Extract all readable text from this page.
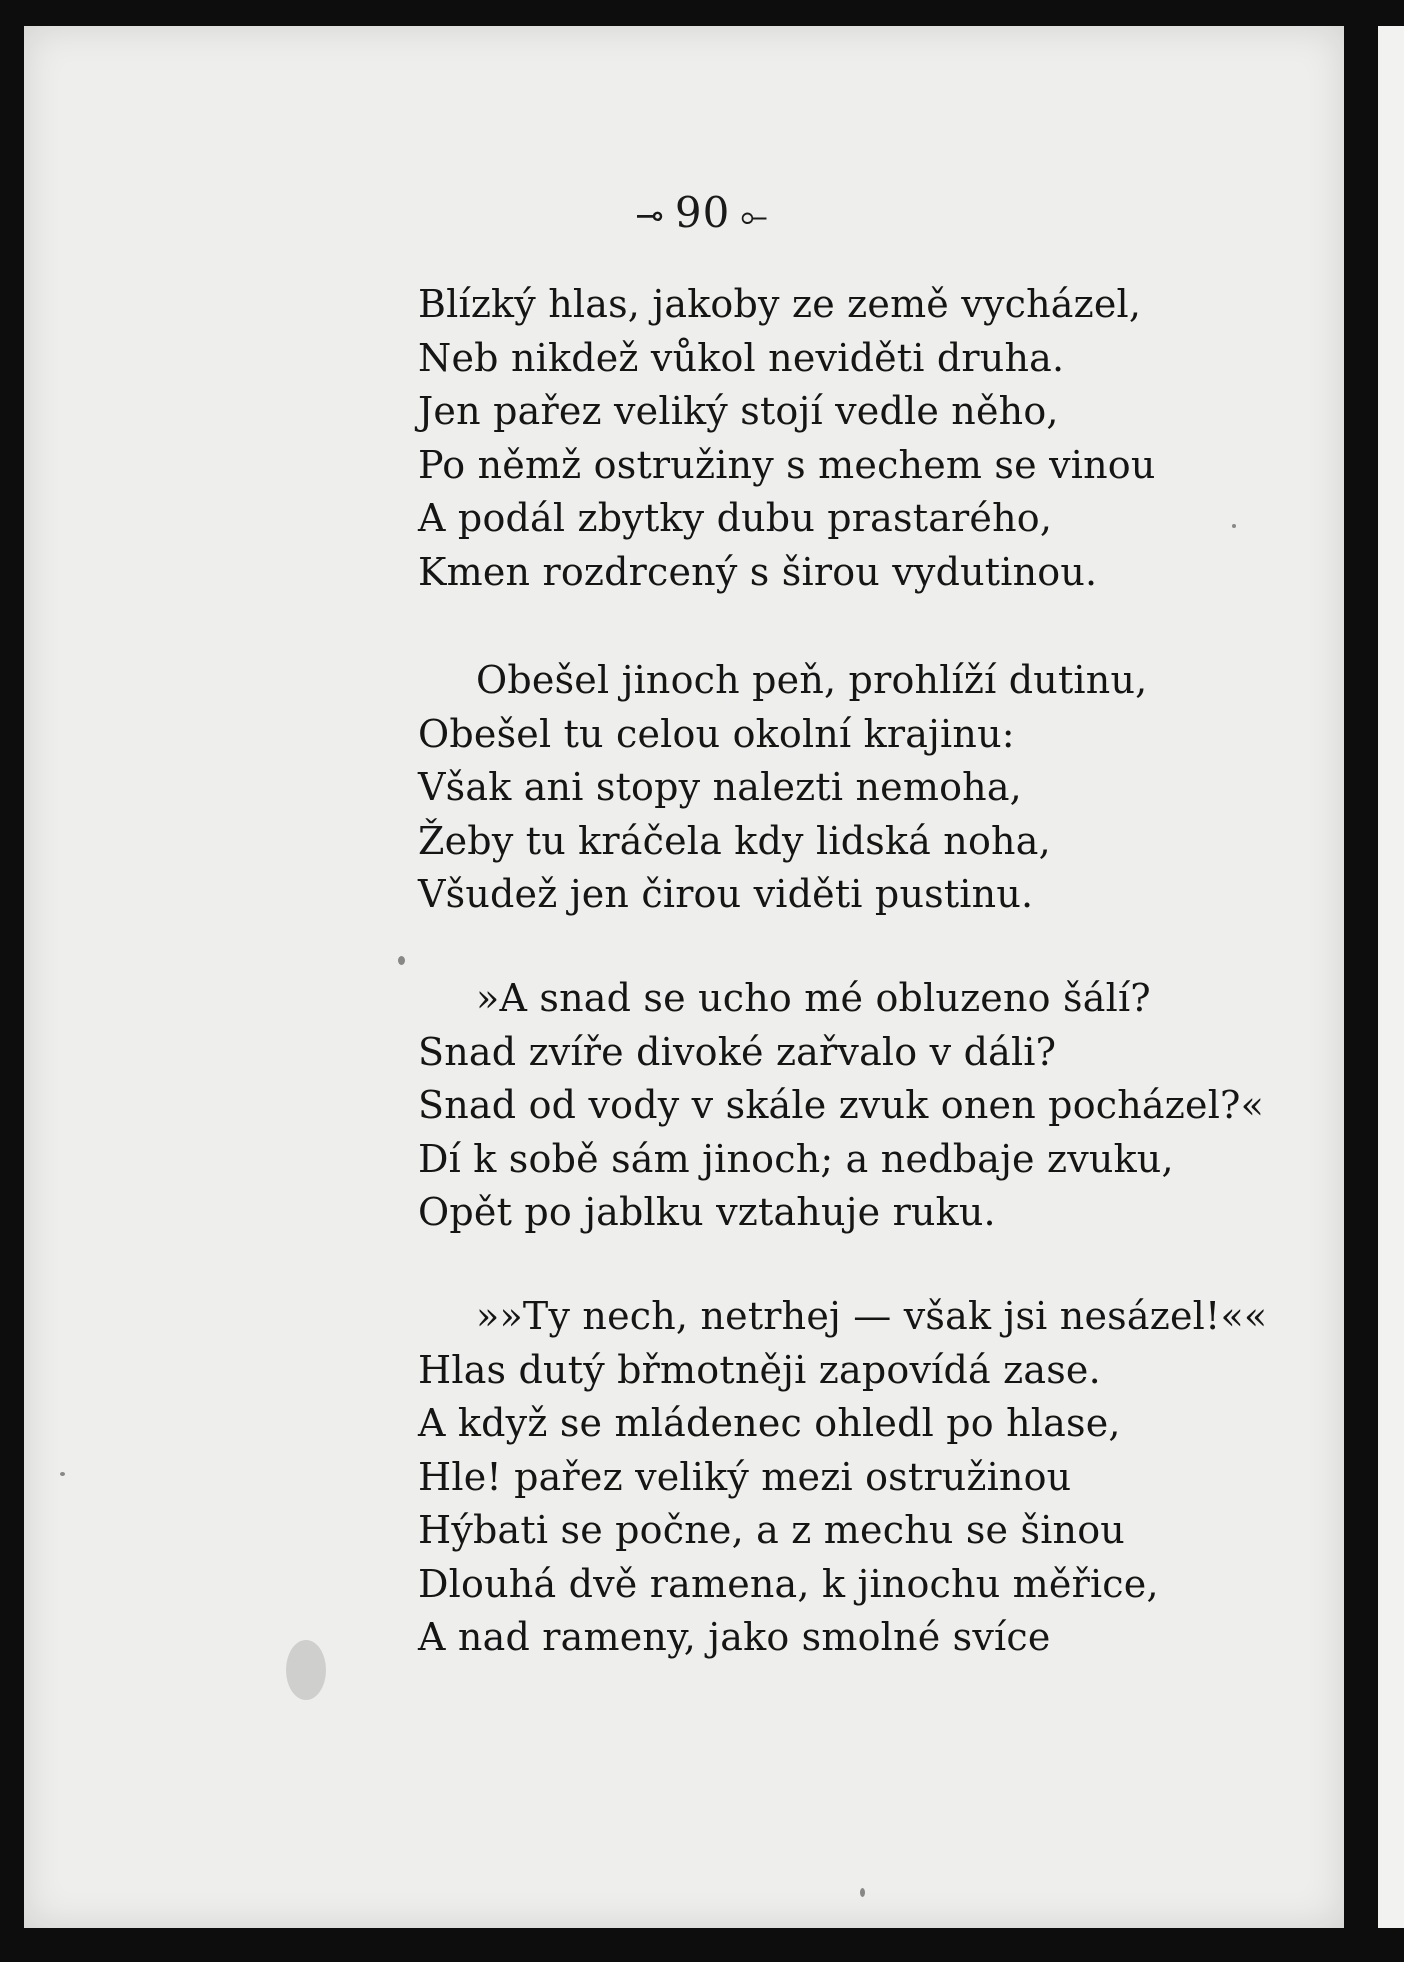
⊸ 90 ⟜
Blízký hlas, jakoby ze země vycházel,
Neb nikdež vůkol neviděti druha.
Jen pařez veliký stojí vedle něho,
Po němž ostružiny s mechem se vinou
A podál zbytky dubu prastarého,
Kmen rozdrcený s širou vydutinou.
Obešel jinoch peň, prohlíží dutinu,
Obešel tu celou okolní krajinu:
Však ani stopy nalezti nemoha,
Žeby tu kráčela kdy lidská noha,
Všudež jen čirou viděti pustinu.
»A snad se ucho mé obluzeno šálí?
Snad zvíře divoké zařvalo v dáli?
Snad od vody v skále zvuk onen pocházel?«
Dí k sobě sám jinoch; a nedbaje zvuku,
Opět po jablku vztahuje ruku.
»»Ty nech, netrhej — však jsi nesázel!««
Hlas dutý břmotněji zapovídá zase.
A když se mládenec ohledl po hlase,
Hle! pařez veliký mezi ostružinou
Hýbati se počne, a z mechu se šinou
Dlouhá dvě ramena, k jinochu měřice,
A nad rameny, jako smolné svíce
